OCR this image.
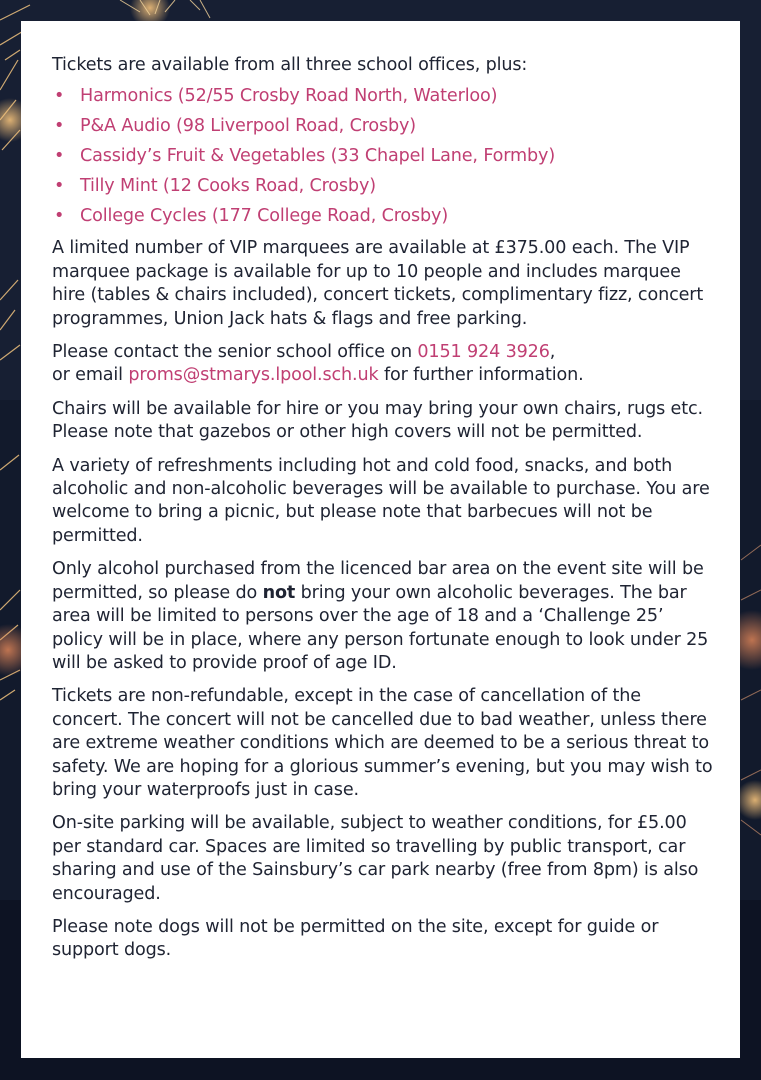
Tickets are available from all three school offices, plus:

• Harmonics (52/55 Crosby Road North, Waterloo)
• P&A Audio (98 Liverpool Road, Crosby)
• Cassidy’s Fruit & Vegetables (33 Chapel Lane, Formby)
• Tilly Mint (12 Cooks Road, Crosby)
• College Cycles (177 College Road, Crosby)

A limited number of VIP marquees are available at £375.00 each. The VIP marquee package is available for up to 10 people and includes marquee hire (tables & chairs included), concert tickets, complimentary fizz, concert programmes, Union Jack hats & flags and free parking.

Please contact the senior school office on 0151 924 3926,
or email proms@stmarys.lpool.sch.uk for further information.

Chairs will be available for hire or you may bring your own chairs, rugs etc. Please note that gazebos or other high covers will not be permitted.

A variety of refreshments including hot and cold food, snacks, and both alcoholic and non-alcoholic beverages will be available to purchase. You are welcome to bring a picnic, but please note that barbecues will not be permitted.

Only alcohol purchased from the licenced bar area on the event site will be permitted, so please do not bring your own alcoholic beverages. The bar area will be limited to persons over the age of 18 and a ‘Challenge 25’ policy will be in place, where any person fortunate enough to look under 25 will be asked to provide proof of age ID.

Tickets are non-refundable, except in the case of cancellation of the concert. The concert will not be cancelled due to bad weather, unless there are extreme weather conditions which are deemed to be a serious threat to safety. We are hoping for a glorious summer’s evening, but you may wish to bring your waterproofs just in case.

On-site parking will be available, subject to weather conditions, for £5.00 per standard car. Spaces are limited so travelling by public transport, car sharing and use of the Sainsbury’s car park nearby (free from 8pm) is also encouraged.

Please note dogs will not be permitted on the site, except for guide or support dogs.
